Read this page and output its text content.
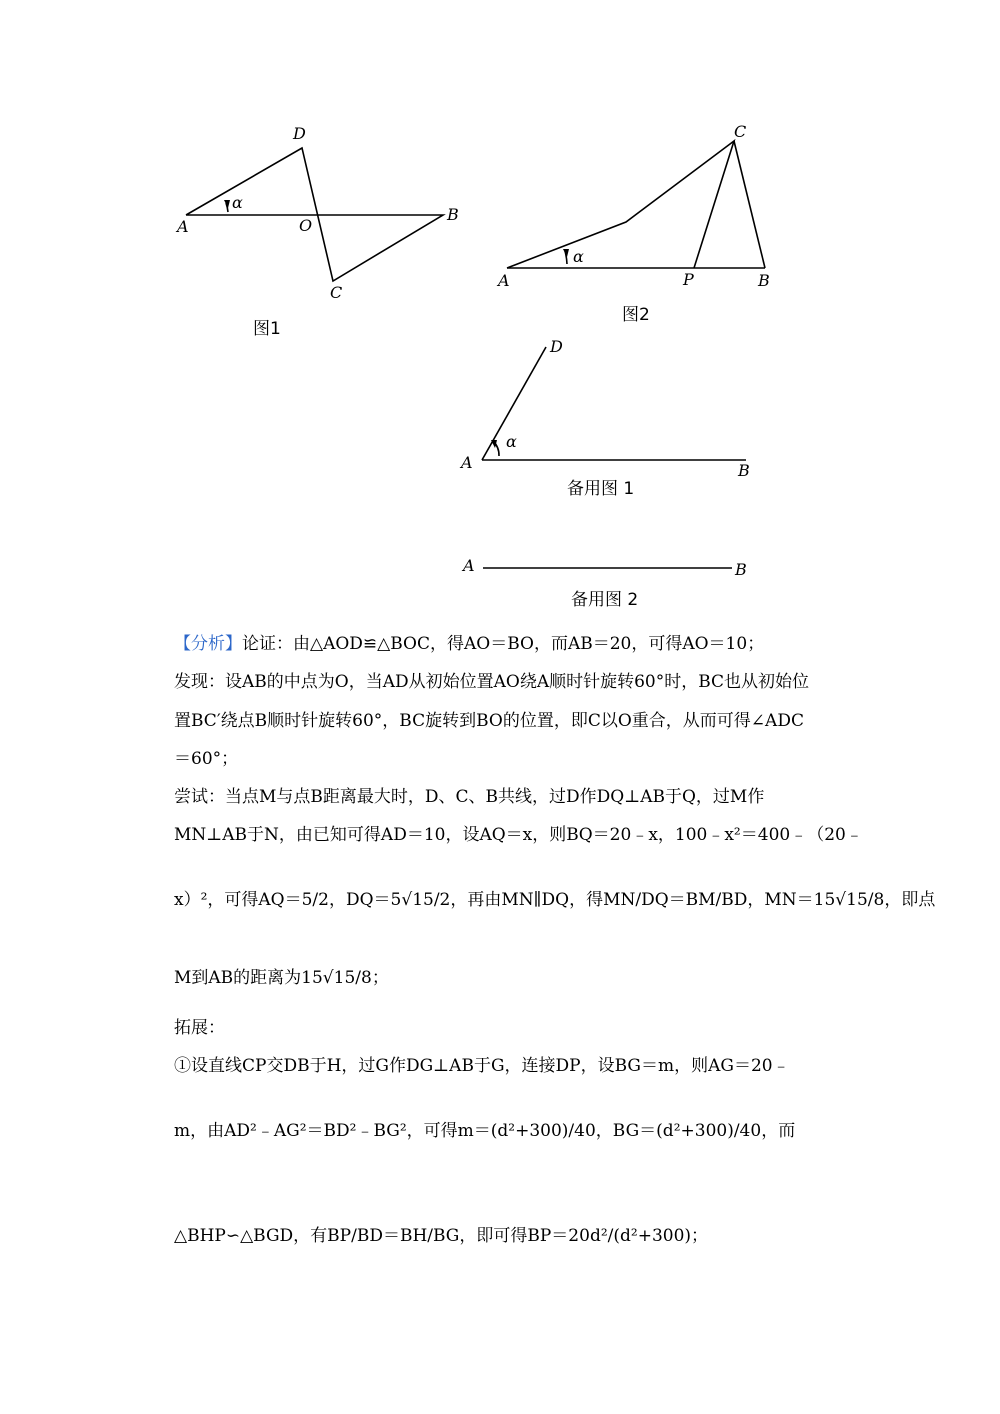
D
A	O
B
C
α
C
A	P	B
α
D
A	B
α
A	B
图1
图2
备用图 1
备用图 2
【分析】论证：由△AOD≌△BOC，得AO＝BO，而AB＝20，可得AO＝10；
发现：设AB的中点为O，当AD从初始位置AO绕A顺时针旋转60°时，BC也从初始位
置BC′绕点B顺时针旋转60°，BC旋转到BO的位置，即C以O重合，从而可得∠ADC
＝60°；
尝试：当点M与点B距离最大时，D、C、B共线，过D作DQ⊥AB于Q，过M作
MN⊥AB于N，由已知可得AD＝10，设AQ＝x，则BQ＝20﹣x，100﹣x²＝400﹣（20﹣
x）²，可得AQ＝5/2，DQ＝5√15/2，再由MN∥DQ，得MN/DQ＝BM/BD，MN＝15√15/8，即点
M到AB的距离为15√15/8；
拓展：
①设直线CP交DB于H，过G作DG⊥AB于G，连接DP，设BG＝m，则AG＝20﹣
m，由AD²﹣AG²＝BD²﹣BG²，可得m＝(d²+300)/40，BG＝(d²+300)/40，而
△BHP∽△BGD，有BP/BD＝BH/BG，即可得BP＝20d²/(d²+300)；
